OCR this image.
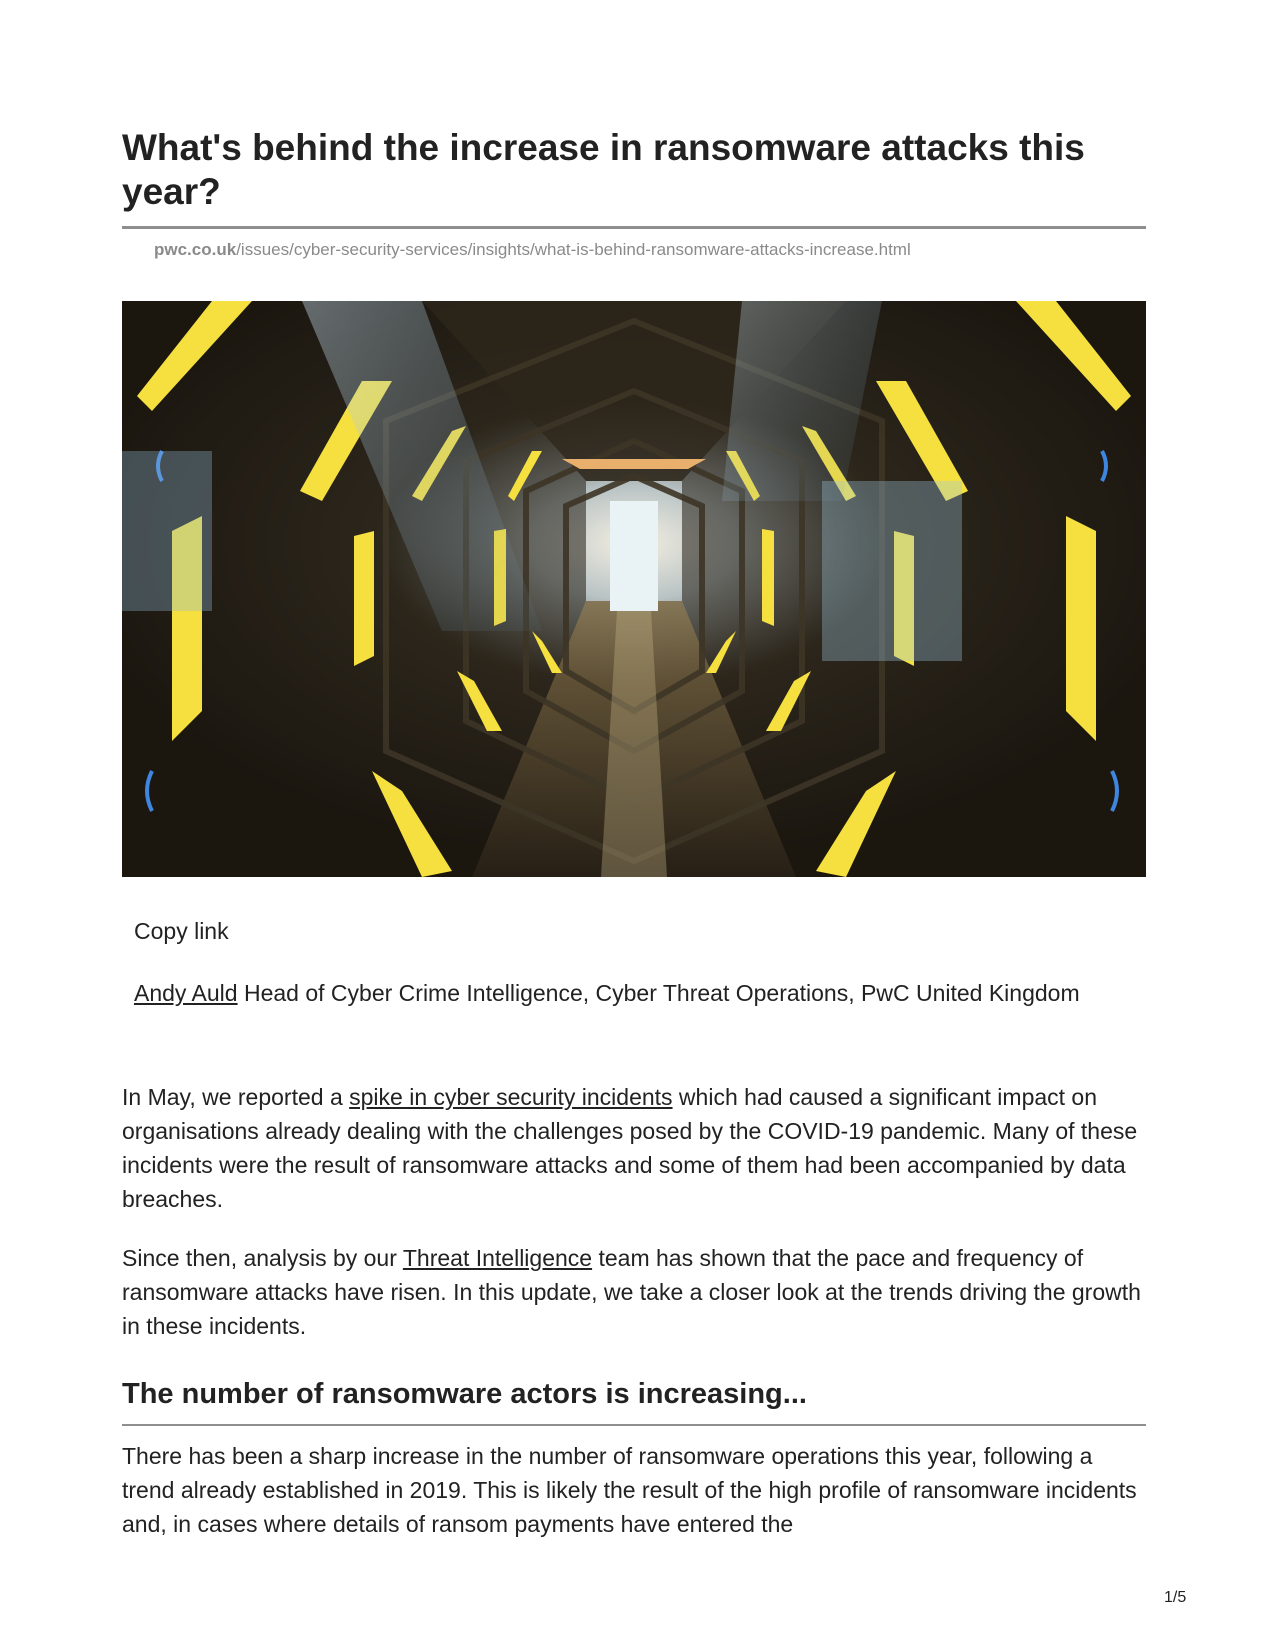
What's behind the increase in ransomware attacks this year?
pwc.co.uk/issues/cyber-security-services/insights/what-is-behind-ransomware-attacks-increase.html
Copy link
Andy Auld Head of Cyber Crime Intelligence, Cyber Threat Operations, PwC United Kingdom

In May, we reported a spike in cyber security incidents which had caused a significant impact on organisations already dealing with the challenges posed by the COVID-19 pandemic. Many of these incidents were the result of ransomware attacks and some of them had been accompanied by data breaches.

Since then, analysis by our Threat Intelligence team has shown that the pace and frequency of ransomware attacks have risen. In this update, we take a closer look at the trends driving the growth in these incidents.

The number of ransomware actors is increasing...

There has been a sharp increase in the number of ransomware operations this year, following a trend already established in 2019. This is likely the result of the high profile of ransomware incidents and, in cases where details of ransom payments have entered the

1/5
